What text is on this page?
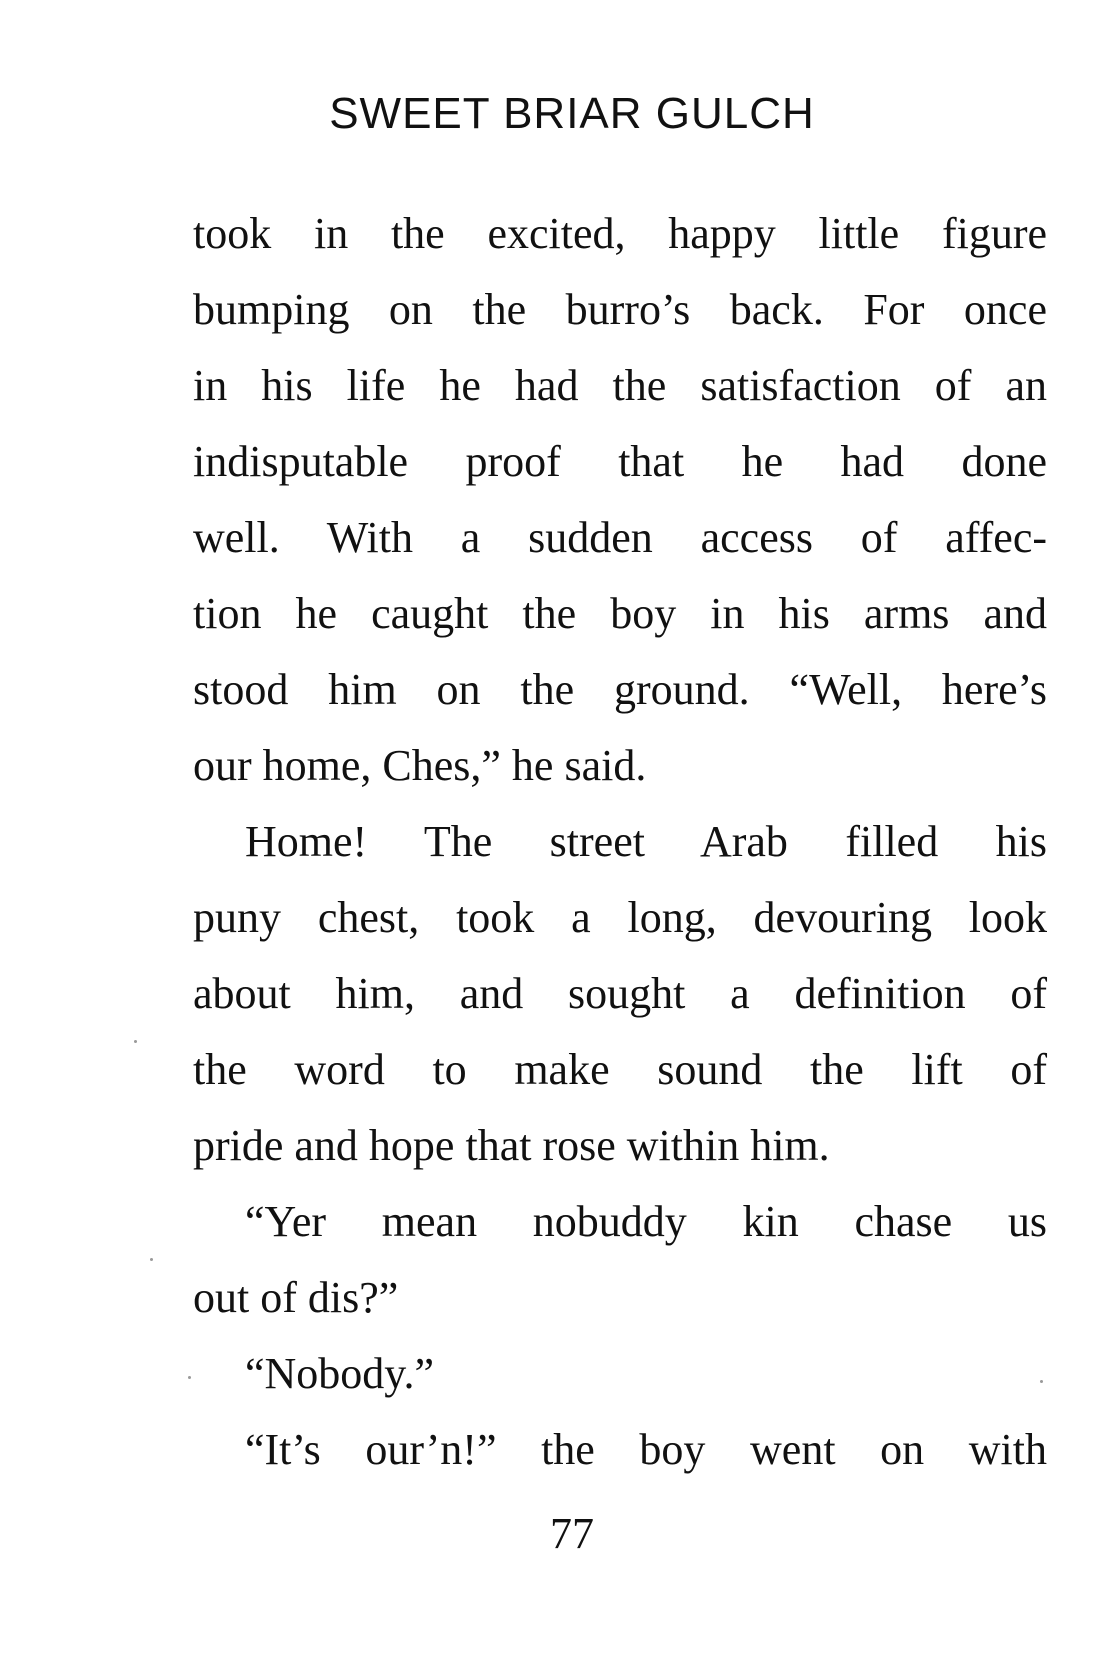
SWEET BRIAR GULCH
took in the excited, happy little figure
bumping on the burro’s back. For once
in his life he had the satisfaction of an
indisputable proof that he had done
well. With a sudden access of affec-
tion he caught the boy in his arms and
stood him on the ground. “Well, here’s
our home, Ches,” he said.
Home! The street Arab filled his
puny chest, took a long, devouring look
about him, and sought a definition of
the word to make sound the lift of
pride and hope that rose within him.
“Yer mean nobuddy kin chase us
out of dis?”
“Nobody.”
“It’s our’n!” the boy went on with
77
